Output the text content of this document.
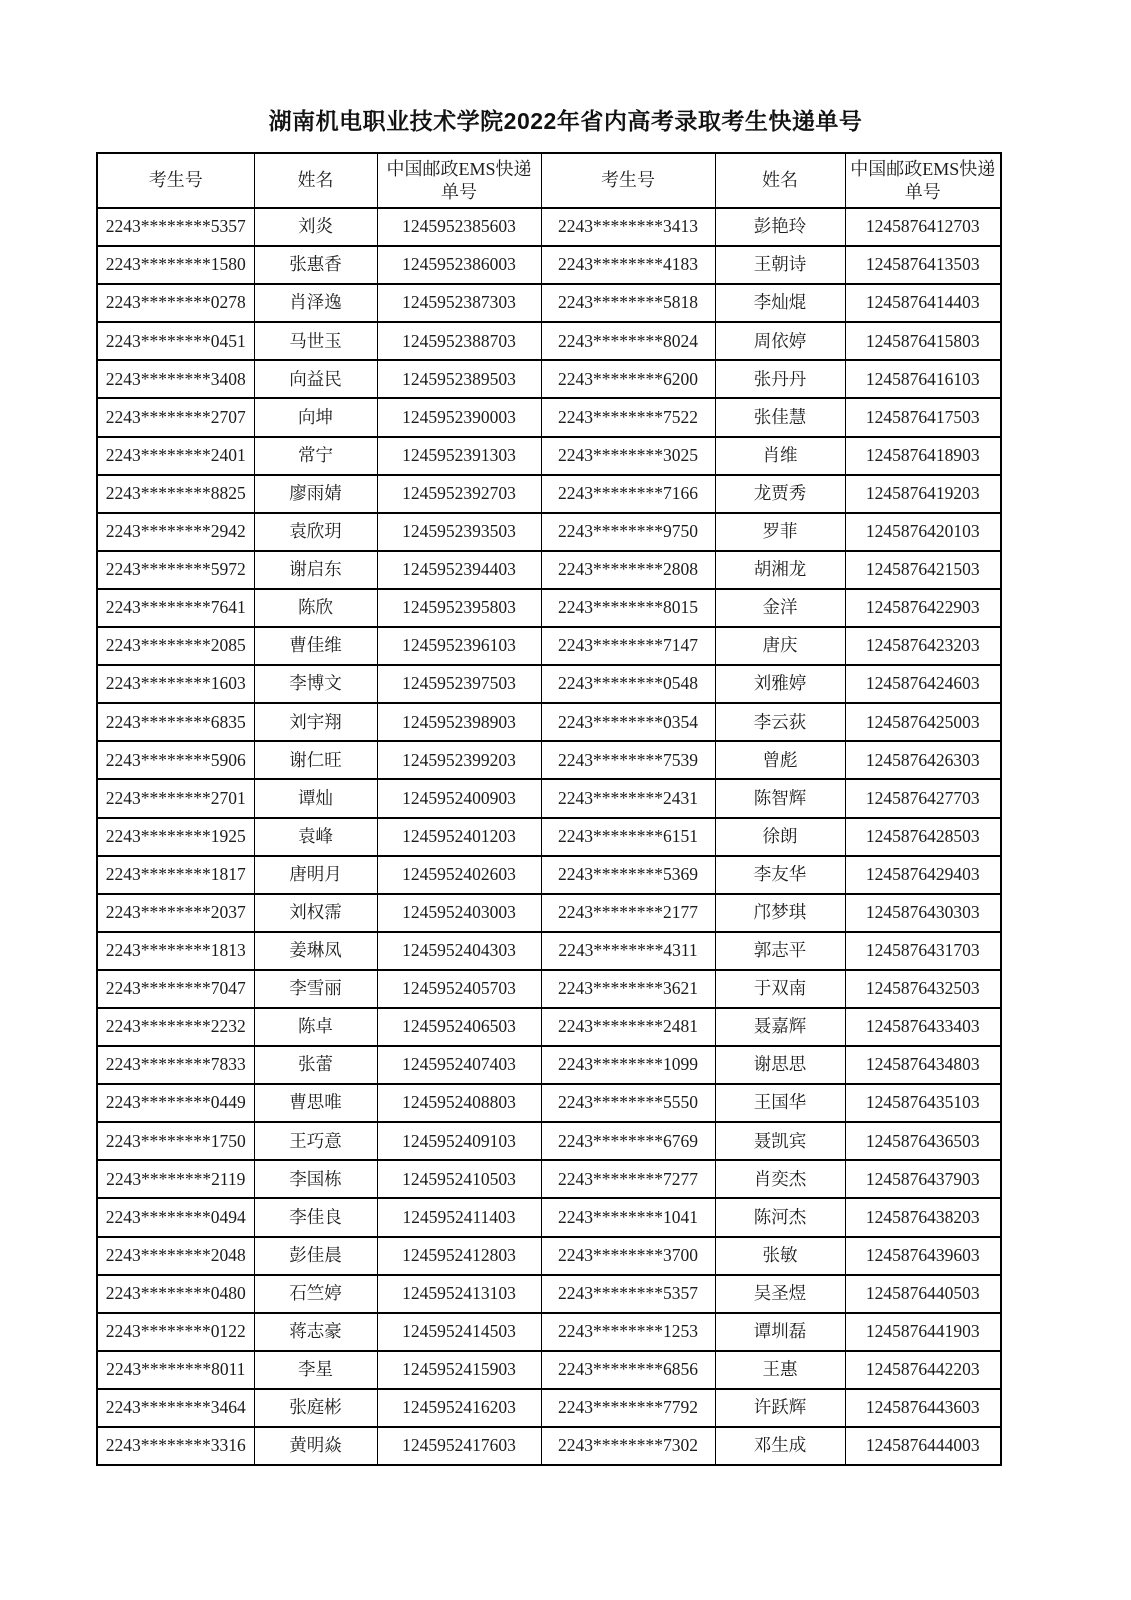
湖南机电职业技术学院2022年省内高考录取考生快递单号
考生号	姓名	中国邮政EMS快递单号	考生号	姓名	中国邮政EMS快递单号
2243********5357	刘炎	1245952385603	2243********3413	彭艳玲	1245876412703
2243********1580	张惠香	1245952386003	2243********4183	王朝诗	1245876413503
2243********0278	肖泽逸	1245952387303	2243********5818	李灿焜	1245876414403
2243********0451	马世玉	1245952388703	2243********8024	周依婷	1245876415803
2243********3408	向益民	1245952389503	2243********6200	张丹丹	1245876416103
2243********2707	向坤	1245952390003	2243********7522	张佳慧	1245876417503
2243********2401	常宁	1245952391303	2243********3025	肖维	1245876418903
2243********8825	廖雨婧	1245952392703	2243********7166	龙贾秀	1245876419203
2243********2942	袁欣玥	1245952393503	2243********9750	罗菲	1245876420103
2243********5972	谢启东	1245952394403	2243********2808	胡湘龙	1245876421503
2243********7641	陈欣	1245952395803	2243********8015	金洋	1245876422903
2243********2085	曹佳维	1245952396103	2243********7147	唐庆	1245876423203
2243********1603	李博文	1245952397503	2243********0548	刘雅婷	1245876424603
2243********6835	刘宇翔	1245952398903	2243********0354	李云荻	1245876425003
2243********5906	谢仁旺	1245952399203	2243********7539	曾彪	1245876426303
2243********2701	谭灿	1245952400903	2243********2431	陈智辉	1245876427703
2243********1925	袁峰	1245952401203	2243********6151	徐朗	1245876428503
2243********1817	唐明月	1245952402603	2243********5369	李友华	1245876429403
2243********2037	刘权霈	1245952403003	2243********2177	邝梦琪	1245876430303
2243********1813	姜琳凤	1245952404303	2243********4311	郭志平	1245876431703
2243********7047	李雪丽	1245952405703	2243********3621	于双南	1245876432503
2243********2232	陈卓	1245952406503	2243********2481	聂嘉辉	1245876433403
2243********7833	张蕾	1245952407403	2243********1099	谢思思	1245876434803
2243********0449	曹思唯	1245952408803	2243********5550	王国华	1245876435103
2243********1750	王巧意	1245952409103	2243********6769	聂凯宾	1245876436503
2243********2119	李国栋	1245952410503	2243********7277	肖奕杰	1245876437903
2243********0494	李佳良	1245952411403	2243********1041	陈河杰	1245876438203
2243********2048	彭佳晨	1245952412803	2243********3700	张敏	1245876439603
2243********0480	石竺婷	1245952413103	2243********5357	吴圣煜	1245876440503
2243********0122	蒋志豪	1245952414503	2243********1253	谭圳磊	1245876441903
2243********8011	李星	1245952415903	2243********6856	王惠	1245876442203
2243********3464	张庭彬	1245952416203	2243********7792	许跃辉	1245876443603
2243********3316	黄明焱	1245952417603	2243********7302	邓生成	1245876444003
